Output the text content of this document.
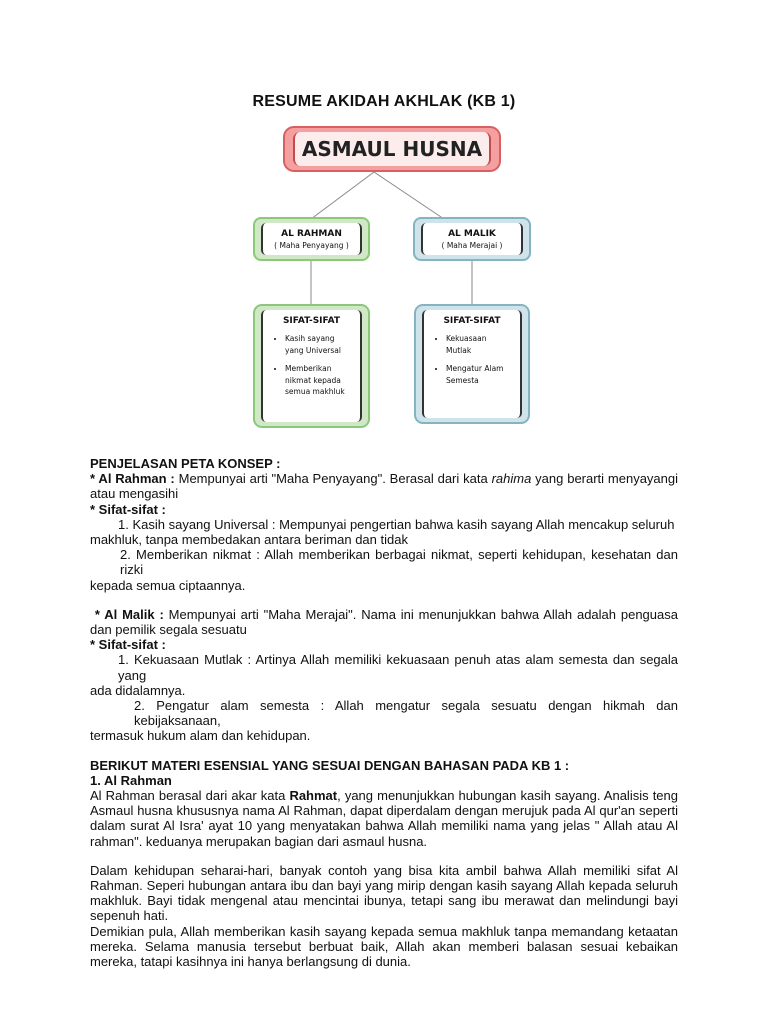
RESUME AKIDAH AKHLAK (KB 1)
ASMAUL HUSNA
AL RAHMAN
( Maha Penyayang )
AL MALIK
( Maha Merajai )
SIFAT-SIFAT
• Kasih sayang yang Universal
• Memberikan nikmat kepada semua makhluk
SIFAT-SIFAT
• Kekuasaan Mutlak
• Mengatur Alam Semesta

PENJELASAN PETA KONSEP :

* Al Rahman : Mempunyai arti "Maha Penyayang". Berasal dari kata rahima yang berarti menyayangi atau mengasihi

* Sifat-sifat :

1. Kasih sayang Universal : Mempunyai pengertian bahwa kasih sayang Allah mencakup seluruh

makhluk, tanpa membedakan antara beriman dan tidak

2. Memberikan nikmat : Allah memberikan berbagai nikmat, seperti kehidupan, kesehatan dan rizki

kepada semua ciptaannya.

* Al Malik : Mempunyai arti "Maha Merajai". Nama ini menunjukkan bahwa Allah adalah penguasa dan pemilik segala sesuatu

* Sifat-sifat :

1. Kekuasaan Mutlak : Artinya Allah memiliki kekuasaan penuh atas alam semesta dan segala yang

ada didalamnya.

2. Pengatur alam semesta : Allah mengatur segala sesuatu dengan hikmah dan kebijaksanaan,

termasuk hukum alam dan kehidupan.

BERIKUT MATERI ESENSIAL YANG SESUAI DENGAN BAHASAN PADA KB 1 :

1. Al Rahman

Al Rahman berasal dari akar kata Rahmat, yang menunjukkan hubungan kasih sayang. Analisis teng Asmaul husna khususnya nama Al Rahman, dapat diperdalam dengan merujuk pada Al qur'an seperti dalam surat Al Isra' ayat 10 yang menyatakan bahwa Allah memiliki nama yang jelas " Allah atau Al rahman". keduanya merupakan bagian dari asmaul husna.

Dalam kehidupan seharai-hari, banyak contoh yang bisa kita ambil bahwa Allah memiliki sifat Al Rahman. Seperi hubungan antara ibu dan bayi yang mirip dengan kasih sayang Allah kepada seluruh makhluk. Bayi tidak mengenal atau mencintai ibunya, tetapi sang ibu merawat dan melindungi bayi sepenuh hati.

Demikian pula, Allah memberikan kasih sayang kepada semua makhluk tanpa memandang ketaatan mereka. Selama manusia tersebut berbuat baik, Allah akan memberi balasan sesuai kebaikan mereka, tatapi kasihnya ini hanya berlangsung di dunia.
